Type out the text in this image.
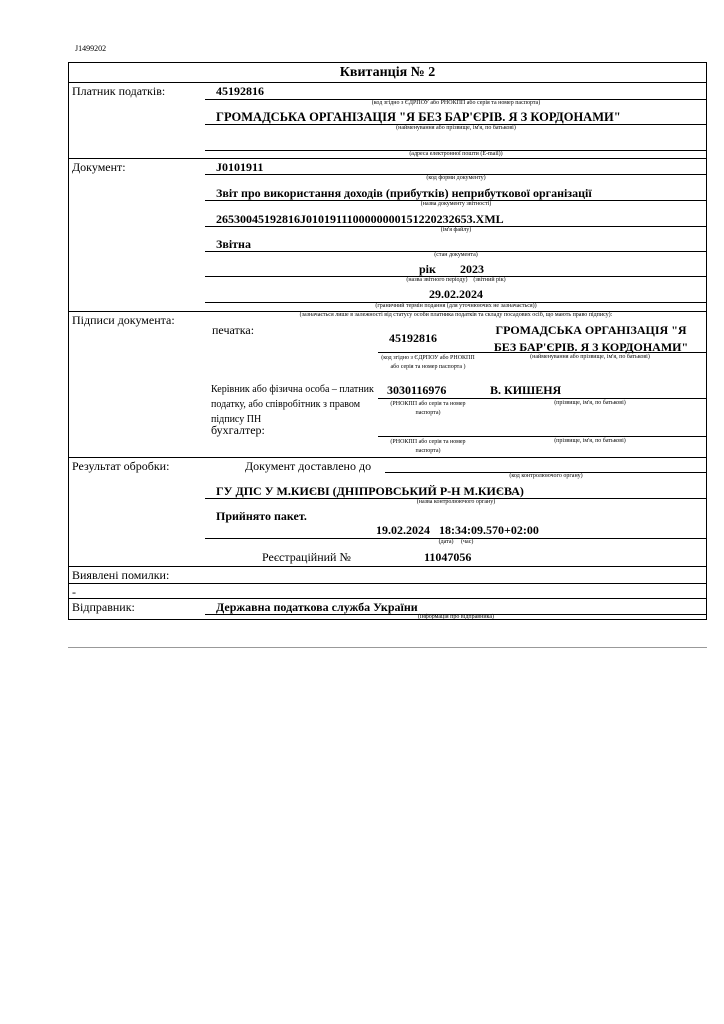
J1499202
Квитанція № 2
Платник податків:	45192816
(код згідно з ЄДРПОУ або РНОКПП або серія та номер паспорта)
ГРОМАДСЬКА ОРГАНІЗАЦІЯ "Я БЕЗ БАР'ЄРІВ. Я З КОРДОНАМИ"
(найменування або прізвище, ім'я, по батькові)
(адреса електронної пошти (E-mail))
Документ:	J0101911
(код форми документу)
Звіт про використання доходів (прибутків) неприбуткової організації
(назва документу звітності)
26530045192816J0101911100000000151220232653.XML
(ім'я файлу)
Звітна
(стан документа)
рік 2023
(назва звітного періоду)    (звітний рік)
29.02.2024
(граничний термін подання (для уточнюючих не зазначається))
Підписи документа:	(зазначається лише в залежності від статусу особи платника податків та складу посадових осіб, що мають право підпису):
печатка:
45192816
ГРОМАДСЬКА ОРГАНІЗАЦІЯ "Я БЕЗ БАР'ЄРІВ. Я З КОРДОНАМИ"
(код згідно з ЄДРПОУ або РНОКПП або серія та номер паспорта )
(найменування або прізвище, ім'я, по батькові)
Керівник або фізична особа – платник податку, або співробітник з правом підпису ПН
3030116976	В. КИШЕНЯ
(РНОКПП або серія та номер паспорта)
(прізвище, ім'я, по батькові)
бухгалтер:
(РНОКПП або серія та номер паспорта)
(прізвище, ім'я, по батькові)
Результат обробки:	Документ доставлено до
(код контролюючого органу)
ГУ ДПС У М.КИЄВІ (ДНІПРОВСЬКИЙ Р-Н М.КИЄВА)
(назва контролюючого органу)
Прийнято пакет.
19.02.2024   18:34:09.570+02:00
(дата)     (час)
Реєстраційний №	11047056
Виявлені помилки:
-
Відправник:	Державна податкова служба України
(інформація про відправника)
